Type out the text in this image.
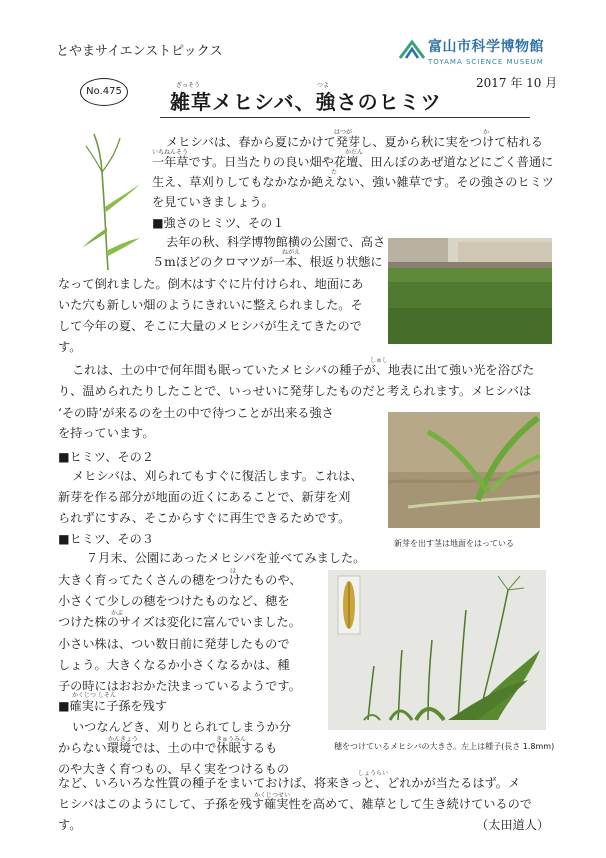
とやまサイエンストピックス	富山市科学博物館
TOYAMA SCIENCE MUSEUM
2017 年 10 月
No.475
ざっそう	つよ
雑草メヒシバ、強さのヒミツ
はつが	か
メヒシバは、春から夏にかけて発芽し、夏から秋に実をつけて枯れる
いちねんそう	かだん
一年草です。日当たりの良い畑や花壇、田んぼのあぜ道などにごく普通に
た
生え、草刈りしてもなかなか絶えない、強い雑草です。その強さのヒミツ
を見ていきましょう。
■強さのヒミツ、その１
去年の秋、科学博物館横の公園で、高さ
ねがえ
５mほどのクロマツが一本、根返り状態に
なって倒れました。倒木はすぐに片付けられ、地面にあ
いた穴も新しい畑のようにきれいに整えられました。そ
して今年の夏、そこに大量のメヒシバが生えてきたので
す。
これは、土の中で何年間も眠っていたメヒシバの種子が、地表に出て強い光を浴びた
しゅし
り、温められたりしたことで、いっせいに発芽したものだと考えられます。メヒシバは
‘その時’が来るのを土の中で待つことが出来る強さ
を持っています。
■ヒミツ、その２
メヒシバは、刈られてもすぐに復活します。これは、
新芽を作る部分が地面の近くにあることで、新芽を刈
られずにすみ、そこからすぐに再生できるためです。
新芽を出す茎は地面をはっている
■ヒミツ、その３
７月末、公園にあったメヒシバを並べてみました。
ほ
大きく育ってたくさんの穂をつけたものや、
小さくて少しの穂をつけたものなど、穂を
かぶ
つけた株のサイズは変化に富んでいました。
小さい株は、つい数日前に発芽したもので
しょう。大きくなるか小さくなるかは、種
子の時にはおおかた決まっているようです。
穂をつけているメヒシバの大きさ。左上は種子(長さ 1.8mm)
かくじつ しそん
■確実に子孫を残す
いつなんどき、刈りとられてしまうか分
かんきょう	きゅうみん
からない環境では、土の中で休眠するも
のや大きく育つもの、早く実をつけるもの	しょうらい
など、いろいろな性質の種子をまいておけば、将来きっと、どれかが当たるはず。メ
かくじつせい
ヒシバはこのようにして、子孫を残す確実性を高めて、雑草として生き続けているので
す。	（太田道人）
